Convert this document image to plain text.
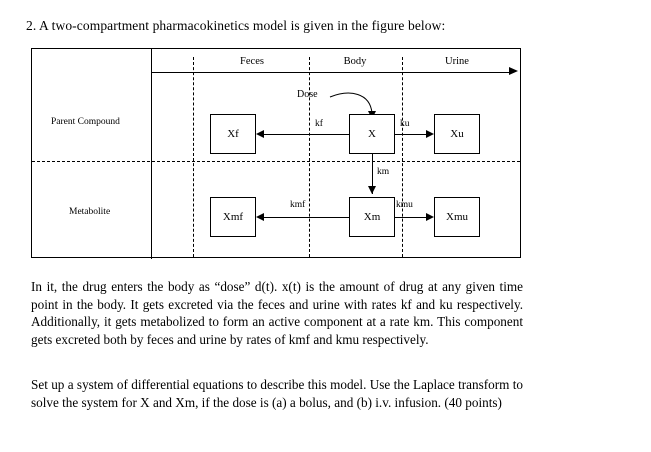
2. A two-compartment pharmacokinetics model is given in the figure below:
Feces	Body	Urine
Parent Compound
Metabolite
Dose
Xf	X	Xu
kf	ku
km
Xmf	Xm	Xmu
kmf	kmu
In it, the drug enters the body as “dose” d(t). x(t) is the amount of drug at any given time point in the body. It gets excreted via the feces and urine with rates kf and ku respectively. Additionally, it gets metabolized to form an active component at a rate km. This component gets excreted both by feces and urine by rates of kmf and kmu respectively.
Set up a system of differential equations to describe this model. Use the Laplace transform to solve the system for X and Xm, if the dose is (a) a bolus, and (b) i.v. infusion. (40 points)
